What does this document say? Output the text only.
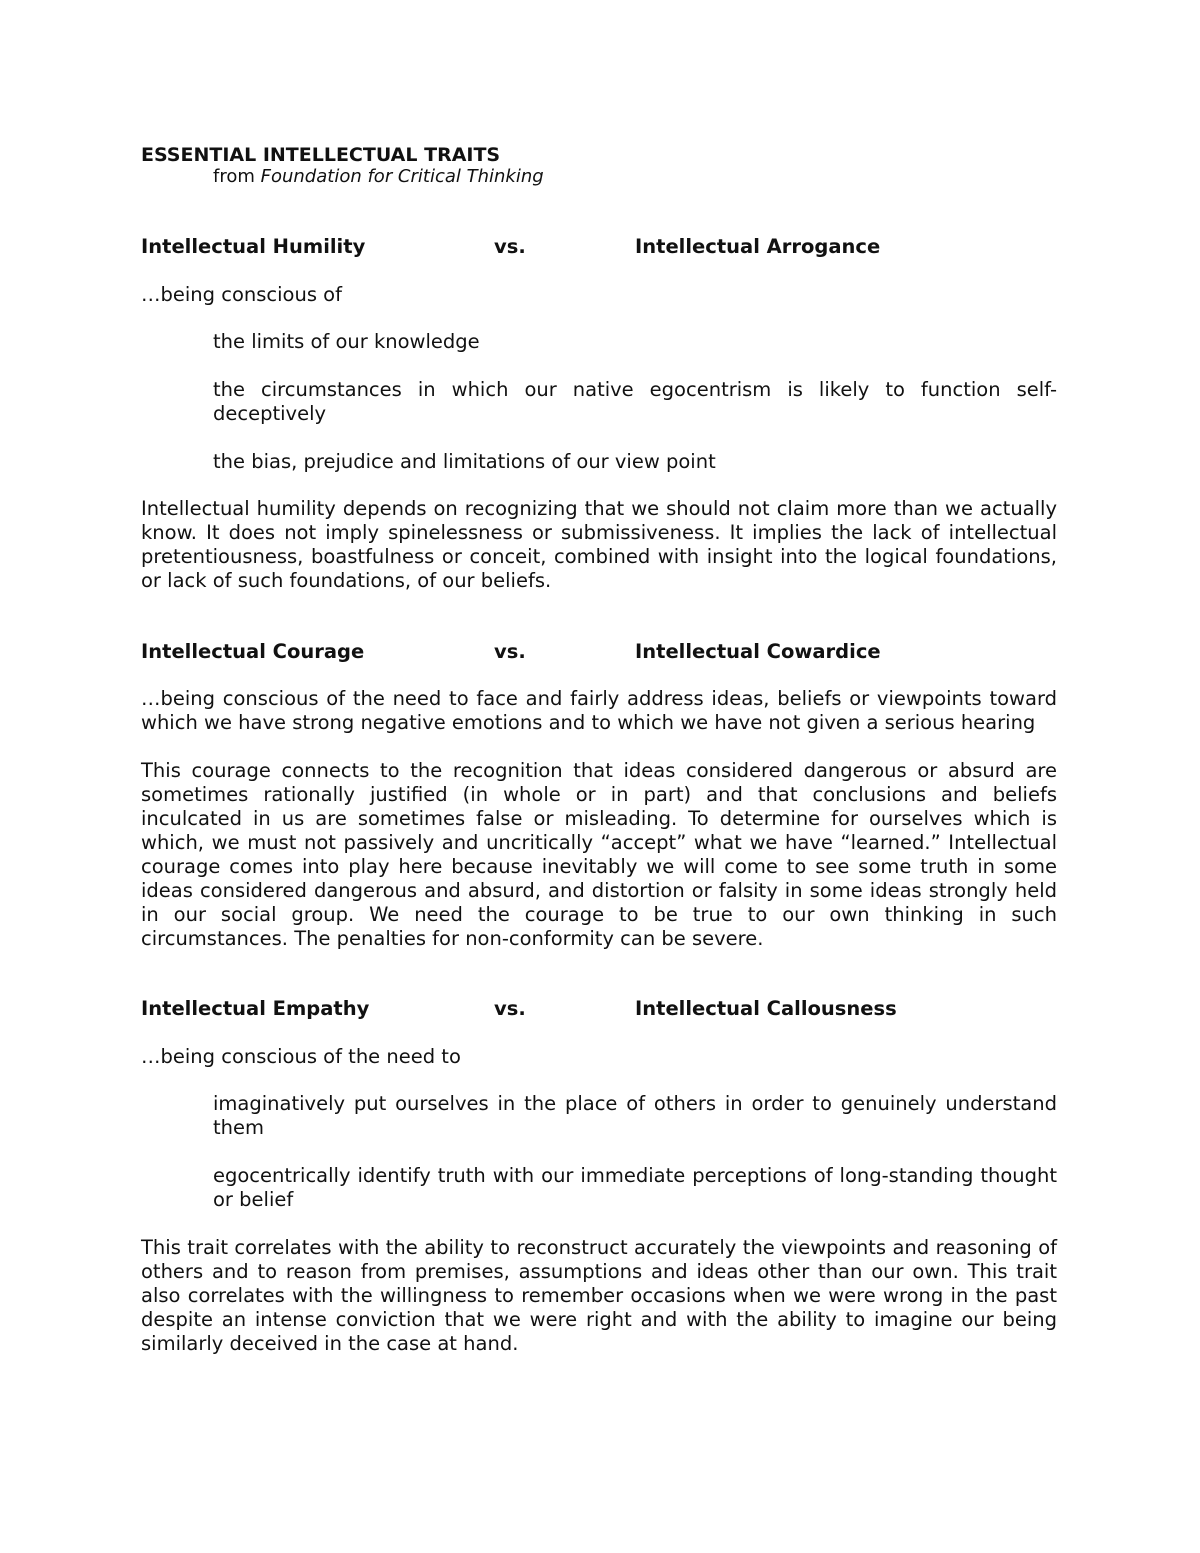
ESSENTIAL INTELLECTUAL TRAITS
from Foundation for Critical Thinking
Intellectual Humility	vs.	Intellectual Arrogance
…being conscious of
the limits of our knowledge
the circumstances in which our native egocentrism is likely to function self-deceptively
the bias, prejudice and limitations of our view point
Intellectual humility depends on recognizing that we should not claim more than we actually know. It does not imply spinelessness or submissiveness. It implies the lack of intellectual pretentiousness, boastfulness or conceit, combined with insight into the logical foundations, or lack of such foundations, of our beliefs.
Intellectual Courage	vs.	Intellectual Cowardice
…being conscious of the need to face and fairly address ideas, beliefs or viewpoints toward which we have strong negative emotions and to which we have not given a serious hearing
This courage connects to the recognition that ideas considered dangerous or absurd are sometimes rationally justified (in whole or in part) and that conclusions and beliefs inculcated in us are sometimes false or misleading. To determine for ourselves which is which, we must not passively and uncritically “accept” what we have “learned.” Intellectual courage comes into play here because inevitably we will come to see some truth in some ideas considered dangerous and absurd, and distortion or falsity in some ideas strongly held in our social group. We need the courage to be true to our own thinking in such circumstances. The penalties for non-conformity can be severe.
Intellectual Empathy	vs.	Intellectual Callousness
…being conscious of the need to
imaginatively put ourselves in the place of others in order to genuinely understand them
egocentrically identify truth with our immediate perceptions of long-standing thought or belief
This trait correlates with the ability to reconstruct accurately the viewpoints and reasoning of others and to reason from premises, assumptions and ideas other than our own. This trait also correlates with the willingness to remember occasions when we were wrong in the past despite an intense conviction that we were right and with the ability to imagine our being similarly deceived in the case at hand.
